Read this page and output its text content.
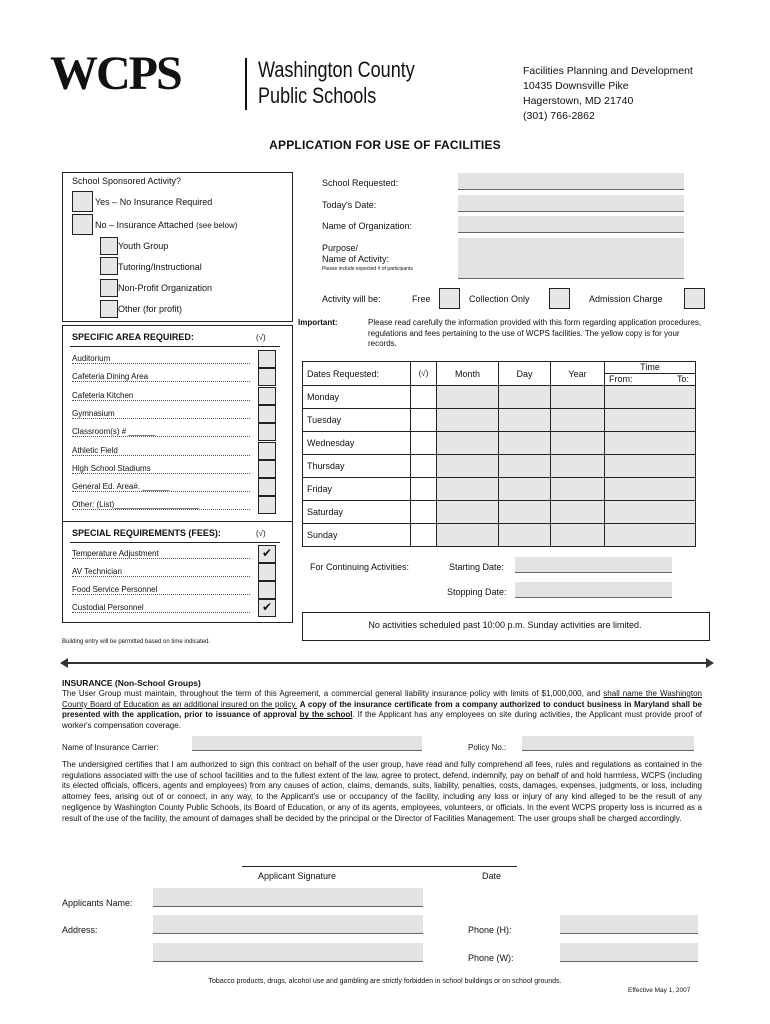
WCPS	Washington County
Public Schools
Facilities Planning and Development
10435 Downsville Pike
Hagerstown, MD 21740
(301) 766-2862
APPLICATION FOR USE OF FACILITIES
School Sponsored Activity?
Yes – No Insurance Required
No – Insurance Attached (see below)
Youth Group
Tutoring/Instructional
Non-Profit Organization
Other (for profit)
SPECIFIC AREA REQUIRED:	(√)
Auditorium
Cafeteria Dining Area
Cafeteria Kitchen
Gymnasium
Classroom(s) # ______
Athletic Field
High School Stadiums
General Ed. Area#. ______
Other: (List)___________________
SPECIAL REQUIREMENTS (FEES):	(√)
Temperature Adjustment	✔
AV Technician
Food Service Personnel
Custodial Personnel	✔
Building entry will be permitted based on time indicated.
School Requested:
Today's Date:
Name of Organization:
Purpose/
Name of Activity:
Please include expected # of participants
Activity will be:	Free	Collection Only	Admission Charge
Important:	Please read carefully the information provided with this form regarding application procedures, regulations and fees pertaining to the use of WCPS facilities. The yellow copy is for your records.
Dates Requested:	(√)	Month	Day	Year	Time
From: To:

Monday					
Tuesday					
Wednesday					
Thursday					
Friday					
Saturday					
Sunday					
For Continuing Activities:	Starting Date:
Stopping Date:
No activities scheduled past 10:00 p.m. Sunday activities are limited.
INSURANCE (Non-School Groups)
The User Group must maintain, throughout the term of this Agreement, a commercial general liability insurance policy with limits of $1,000,000, and shall name the Washington County Board of Education as an additional insured on the policy. A copy of the insurance certificate from a company authorized to conduct business in Maryland shall be presented with the application, prior to issuance of approval by the school. If the Applicant has any employees on site during activities, the Applicant must provide proof of worker's compensation coverage.
Name of Insurance Carrier:	Policy No.:
The undersigned certifies that I am authorized to sign this contract on behalf of the user group, have read and fully comprehend all fees, rules and regulations as contained in the regulations associated with the use of school facilities and to the fullest extent of the law, agree to protect, defend, indemnify, pay on behalf of and hold harmless, WCPS (including its elected officials, officers, agents and employees) from any causes of action, claims, demands, suits, liability, penalties, costs, damages, expenses, judgments, or loss, including attorney fees, arising out of or connect, in any way, to the Applicant's use or occupancy of the facility, including any loss or injury of any kind alleged to be the result of any negligence by Washington County Public Schools, its Board of Education, or any of its agents, employees, volunteers, or officials. In the event WCPS property loss is incurred as a result of the use of the facility, the amount of damages shall be decided by the principal or the Director of Facilities Management. The user groups shall be charged accordingly.
Applicant Signature	Date
Applicants Name:
Address:	Phone (H):
Phone (W):
Tobacco products, drugs, alcohol use and gambling are strictly forbidden in school buildings or on school grounds.
Effective May 1, 2007
